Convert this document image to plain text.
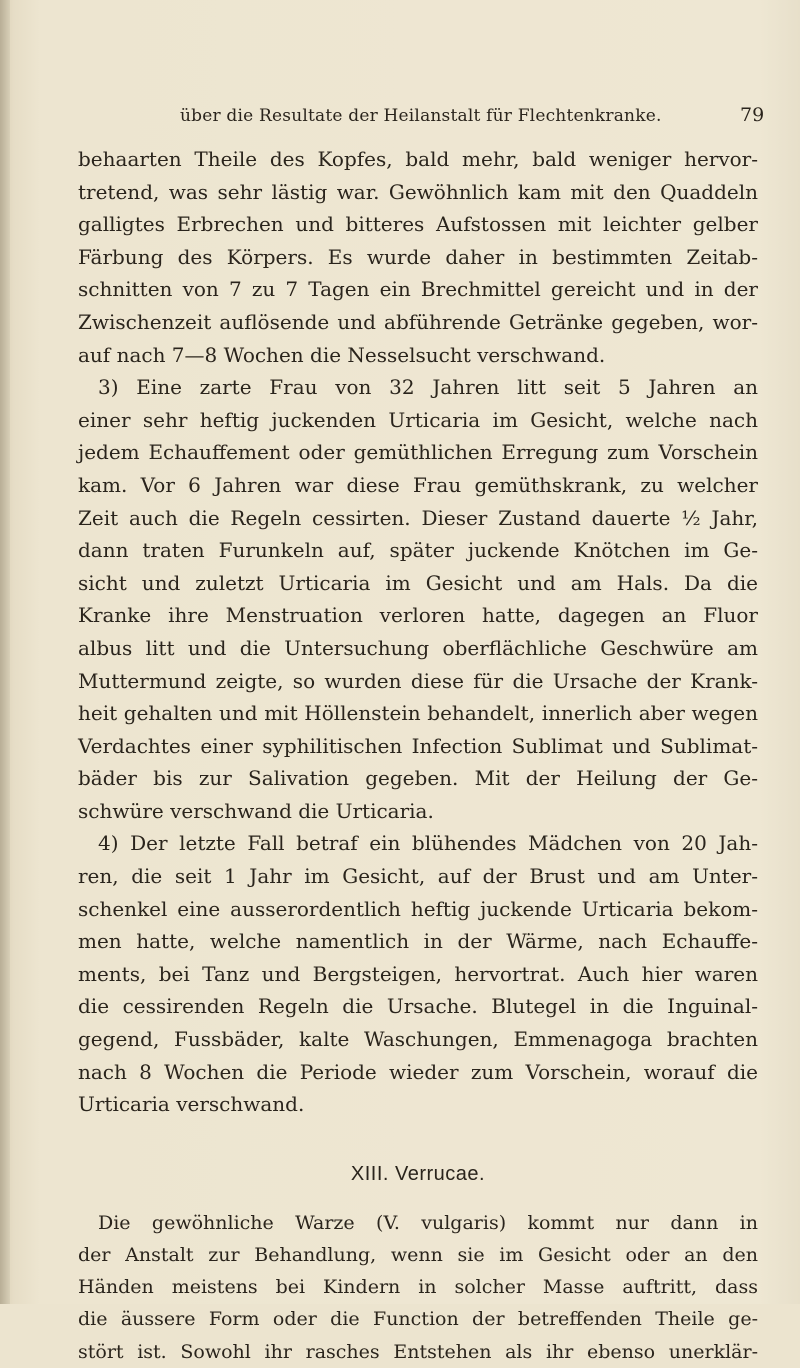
über die Resultate der Heilanstalt für Flechtenkranke.	79
behaarten Theile des Kopfes, bald mehr, bald weniger hervor-
tretend, was sehr lästig war. Gewöhnlich kam mit den Quaddeln
galligtes Erbrechen und bitteres Aufstossen mit leichter gelber
Färbung des Körpers. Es wurde daher in bestimmten Zeitab-
schnitten von 7 zu 7 Tagen ein Brechmittel gereicht und in der
Zwischenzeit auflösende und abführende Getränke gegeben, wor-
auf nach 7—8 Wochen die Nesselsucht verschwand.
3) Eine zarte Frau von 32 Jahren litt seit 5 Jahren an
einer sehr heftig juckenden Urticaria im Gesicht, welche nach
jedem Echauffement oder gemüthlichen Erregung zum Vorschein
kam. Vor 6 Jahren war diese Frau gemüthskrank, zu welcher
Zeit auch die Regeln cessirten. Dieser Zustand dauerte ½ Jahr,
dann traten Furunkeln auf, später juckende Knötchen im Ge-
sicht und zuletzt Urticaria im Gesicht und am Hals. Da die
Kranke ihre Menstruation verloren hatte, dagegen an Fluor
albus litt und die Untersuchung oberflächliche Geschwüre am
Muttermund zeigte, so wurden diese für die Ursache der Krank-
heit gehalten und mit Höllenstein behandelt, innerlich aber wegen
Verdachtes einer syphilitischen Infection Sublimat und Sublimat-
bäder bis zur Salivation gegeben. Mit der Heilung der Ge-
schwüre verschwand die Urticaria.
4) Der letzte Fall betraf ein blühendes Mädchen von 20 Jah-
ren, die seit 1 Jahr im Gesicht, auf der Brust und am Unter-
schenkel eine ausserordentlich heftig juckende Urticaria bekom-
men hatte, welche namentlich in der Wärme, nach Echauffe-
ments, bei Tanz und Bergsteigen, hervortrat. Auch hier waren
die cessirenden Regeln die Ursache. Blutegel in die Inguinal-
gegend, Fussbäder, kalte Waschungen, Emmenagoga brachten
nach 8 Wochen die Periode wieder zum Vorschein, worauf die
Urticaria verschwand.
XIII. Verrucae.
Die gewöhnliche Warze (V. vulgaris) kommt nur dann in
der Anstalt zur Behandlung, wenn sie im Gesicht oder an den
Händen meistens bei Kindern in solcher Masse auftritt, dass
die äussere Form oder die Function der betreffenden Theile ge-
stört ist. Sowohl ihr rasches Entstehen als ihr ebenso unerklär-
